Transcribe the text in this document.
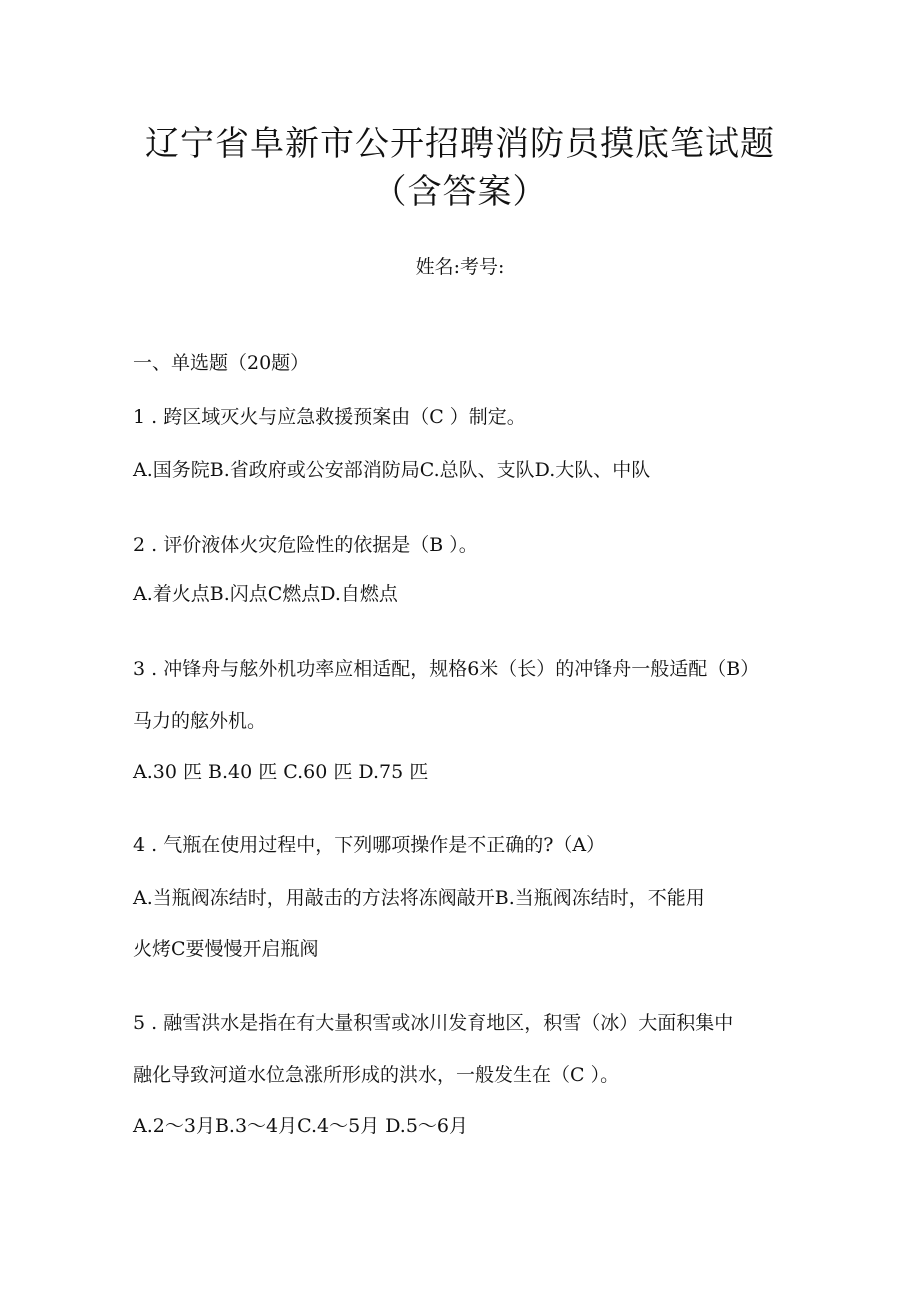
辽宁省阜新市公开招聘消防员摸底笔试题
（含答案）
姓名:考号:
一、单选题（20题）
1 . 跨区域灭火与应急救援预案由（C ）制定。
A.国务院B.省政府或公安部消防局C.总队、支队D.大队、中队
2 . 评价液体火灾危险性的依据是（B ）。
A.着火点B.闪点C燃点D.自燃点
3 . 冲锋舟与舷外机功率应相适配，规格6米（长）的冲锋舟一般适配（B）
马力的舷外机。
A.30 匹 B.40 匹 C.60 匹 D.75 匹
4 . 气瓶在使用过程中，下列哪项操作是不正确的?（A）
A.当瓶阀冻结时，用敲击的方法将冻阀敲开B.当瓶阀冻结时，不能用
火烤C要慢慢开启瓶阀
5 . 融雪洪水是指在有大量积雪或冰川发育地区，积雪（冰）大面积集中
融化导致河道水位急涨所形成的洪水，一般发生在（C ）。
A.2～3月B.3～4月C.4～5月 D.5～6月
